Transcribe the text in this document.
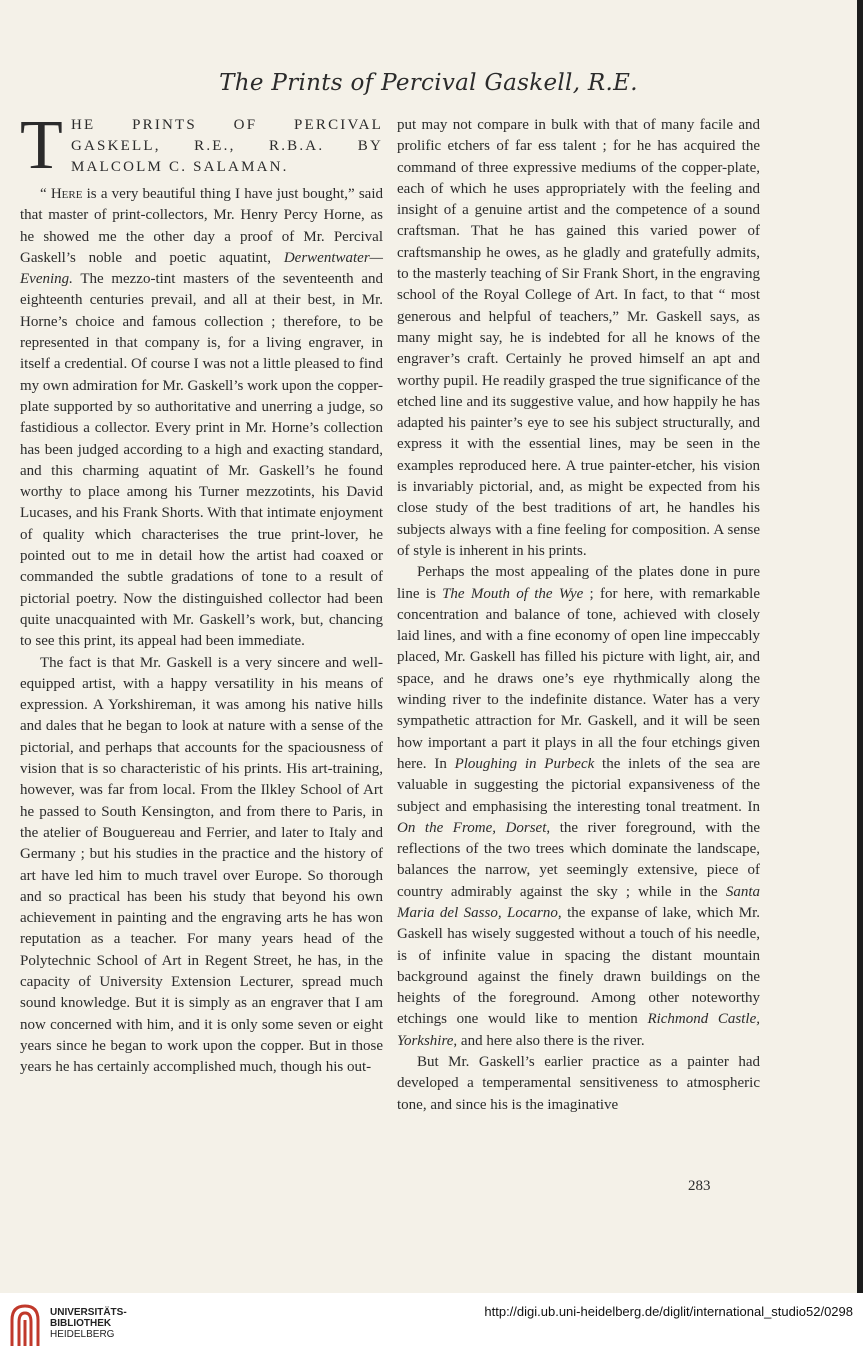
The Prints of Percival Gaskell, R.E.
THE PRINTS OF PERCIVAL GASKELL, R.E., R.B.A. BY MALCOLM C. SALAMAN.

“ Here is a very beautiful thing I have just bought,” said that master of print-collectors, Mr. Henry Percy Horne, as he showed me the other day a proof of Mr. Percival Gaskell’s noble and poetic aquatint, Derwentwater—Evening. The mezzo-tint masters of the seventeenth and eighteenth centuries prevail, and all at their best, in Mr. Horne’s choice and famous collection ; therefore, to be represented in that company is, for a living engraver, in itself a credential. Of course I was not a little pleased to find my own admiration for Mr. Gaskell’s work upon the copper-plate supported by so authoritative and unerring a judge, so fastidious a collector. Every print in Mr. Horne’s collection has been judged according to a high and exacting standard, and this charming aquatint of Mr. Gaskell’s he found worthy to place among his Turner mezzotints, his David Lucases, and his Frank Shorts. With that intimate enjoyment of quality which characterises the true print-lover, he pointed out to me in detail how the artist had coaxed or commanded the subtle gradations of tone to a result of pictorial poetry. Now the distinguished collector had been quite unacquainted with Mr. Gaskell’s work, but, chancing to see this print, its appeal had been immediate.

The fact is that Mr. Gaskell is a very sincere and well-equipped artist, with a happy versatility in his means of expression. A Yorkshireman, it was among his native hills and dales that he began to look at nature with a sense of the pictorial, and perhaps that accounts for the spaciousness of vision that is so characteristic of his prints. His art-training, however, was far from local. From the Ilkley School of Art he passed to South Kensington, and from there to Paris, in the atelier of Bouguereau and Ferrier, and later to Italy and Germany ; but his studies in the practice and the history of art have led him to much travel over Europe. So thorough and so practical has been his study that beyond his own achievement in painting and the engraving arts he has won reputation as a teacher. For many years head of the Polytechnic School of Art in Regent Street, he has, in the capacity of University Extension Lecturer, spread much sound knowledge. But it is simply as an engraver that I am now concerned with him, and it is only some seven or eight years since he began to work upon the copper. But in those years he has certainly accomplished much, though his out-

put may not compare in bulk with that of many facile and prolific etchers of far ess talent ; for he has acquired the command of three expressive mediums of the copper-plate, each of which he uses appropriately with the feeling and insight of a genuine artist and the competence of a sound craftsman. That he has gained this varied power of craftsmanship he owes, as he gladly and gratefully admits, to the masterly teaching of Sir Frank Short, in the engraving school of the Royal College of Art. In fact, to that “ most generous and helpful of teachers,” Mr. Gaskell says, as many might say, he is indebted for all he knows of the engraver’s craft. Certainly he proved himself an apt and worthy pupil. He readily grasped the true significance of the etched line and its suggestive value, and how happily he has adapted his painter’s eye to see his subject structurally, and express it with the essential lines, may be seen in the examples reproduced here. A true painter-etcher, his vision is invariably pictorial, and, as might be expected from his close study of the best traditions of art, he handles his subjects always with a fine feeling for composition. A sense of style is inherent in his prints.

Perhaps the most appealing of the plates done in pure line is The Mouth of the Wye ; for here, with remarkable concentration and balance of tone, achieved with closely laid lines, and with a fine economy of open line impeccably placed, Mr. Gaskell has filled his picture with light, air, and space, and he draws one’s eye rhythmically along the winding river to the indefinite distance. Water has a very sympathetic attraction for Mr. Gaskell, and it will be seen how important a part it plays in all the four etchings given here. In Ploughing in Purbeck the inlets of the sea are valuable in suggesting the pictorial expansiveness of the subject and emphasising the interesting tonal treatment. In On the Frome, Dorset, the river foreground, with the reflections of the two trees which dominate the landscape, balances the narrow, yet seemingly extensive, piece of country admirably against the sky ; while in the Santa Maria del Sasso, Locarno, the expanse of lake, which Mr. Gaskell has wisely suggested without a touch of his needle, is of infinite value in spacing the distant mountain background against the finely drawn buildings on the heights of the foreground. Among other noteworthy etchings one would like to mention Richmond Castle, Yorkshire, and here also there is the river.

But Mr. Gaskell’s earlier practice as a painter had developed a temperamental sensitiveness to atmospheric tone, and since his is the imaginative

283
UNIVERSITÄTS-
BIBLIOTHEK
HEIDELBERG
http://digi.ub.uni-heidelberg.de/diglit/international_studio52/0298
